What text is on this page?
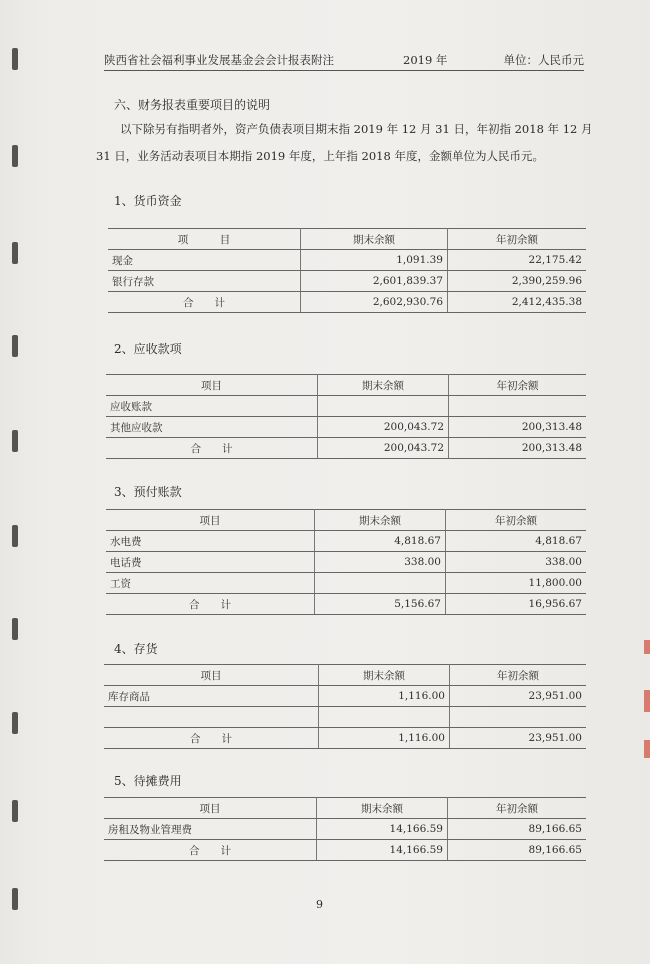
陕西省社会福利事业发展基金会会计报表附注	2019 年	单位：人民币元
六、财务报表重要项目的说明
以下除另有指明者外，资产负债表项目期末指 2019 年 12 月 31 日，年初指 2018 年 12 月 31 日，业务活动表项目本期指 2019 年度，上年指 2018 年度，金额单位为人民币元。
1、货币资金
项　　　目	期末余额	年初余额
现金	1,091.39	22,175.42
银行存款	2,601,839.37	2,390,259.96
合　　计	2,602,930.76	2,412,435.38
2、应收款项
项目	期末余额	年初余额
应收账款		
其他应收款	200,043.72	200,313.48
合　　计	200,043.72	200,313.48
3、预付账款
项目	期末余额	年初余额
水电费	4,818.67	4,818.67
电话费	338.00	338.00
工资		11,800.00
合　　计	5,156.67	16,956.67
4、存货
项目	期末余额	年初余额
库存商品	1,116.00	23,951.00

合　　计	1,116.00	23,951.00
5、待摊费用
项目	期末余额	年初余额
房租及物业管理费	14,166.59	89,166.65
合　　计	14,166.59	89,166.65
9
